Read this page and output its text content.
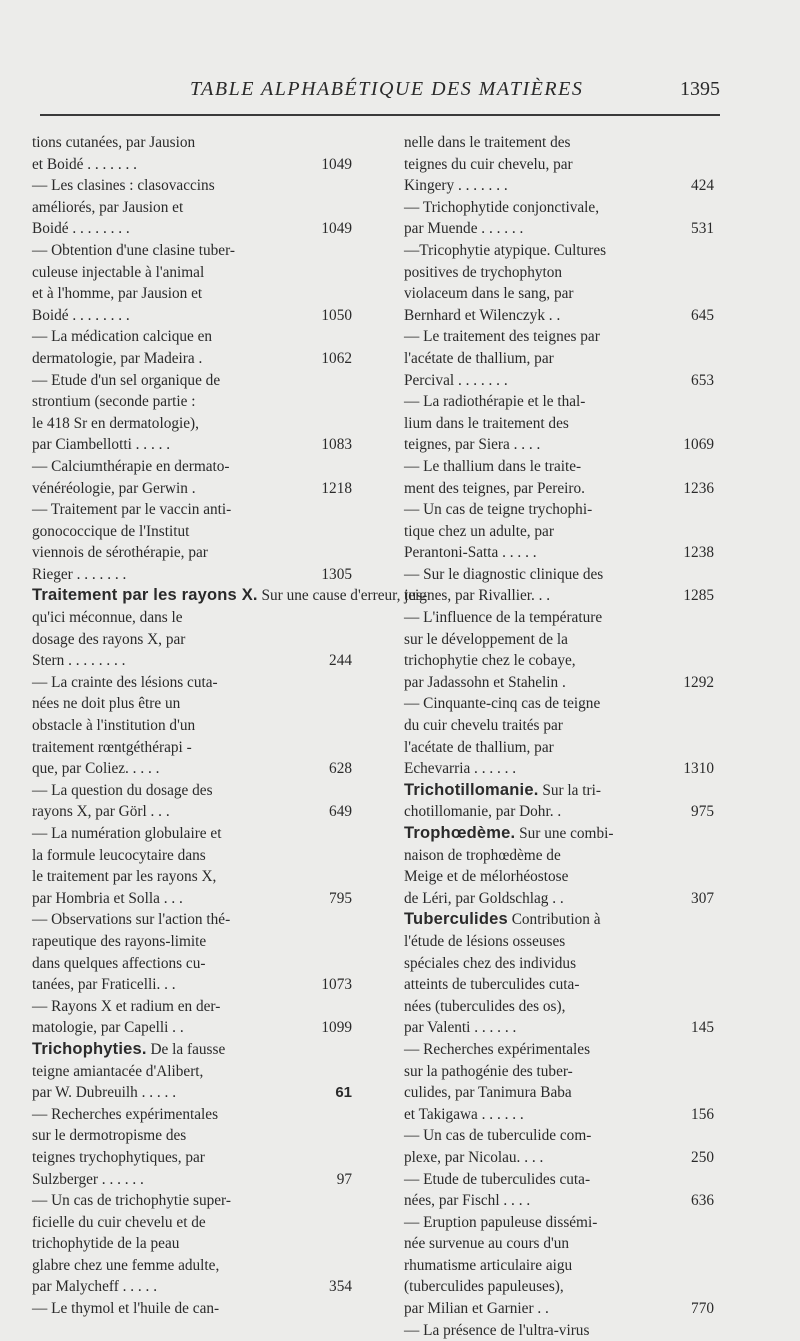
TABLE ALPHABÉTIQUE DES MATIÈRES	1395
tions cutanées, par Jausion
et Boidé . . . . . . .	1049
— Les clasines : clasovaccins
améliorés, par Jausion et
Boidé . . . . . . . .	1049
— Obtention d'une clasine tuber-
culeuse injectable à l'animal
et à l'homme, par Jausion et
Boidé . . . . . . . .	1050
— La médication calcique en
dermatologie, par Madeira .	1062
— Etude d'un sel organique de
strontium (seconde partie :
le 418 Sr en dermatologie),
par Ciambellotti . . . . .	1083
— Calciumthérapie en dermato-
vénéréologie, par Gerwin .	1218
— Traitement par le vaccin anti-
gonococcique de l'Institut
viennois de sérothérapie, par
Rieger . . . . . . .	1305
Traitement par les rayons X. Sur une cause d'erreur, jus-
qu'ici méconnue, dans le
dosage des rayons X, par
Stern . . . . . . . .	244
— La crainte des lésions cuta-
nées ne doit plus être un
obstacle à l'institution d'un
traitement rœntgéthérapi -
que, par Coliez. . . . .	628
— La question du dosage des
rayons X, par Görl . . .	649
— La numération globulaire et
la formule leucocytaire dans
le traitement par les rayons X,
par Hombria et Solla . . .	795
— Observations sur l'action thé-
rapeutique des rayons-limite
dans quelques affections cu-
tanées, par Fraticelli. . .	1073
— Rayons X et radium en der-
matologie, par Capelli . .	1099
Trichophyties. De la fausse
teigne amiantacée d'Alibert,
par W. Dubreuilh . . . . .	61
— Recherches expérimentales
sur le dermotropisme des
teignes trychophytiques, par
Sulzberger . . . . . .	97
— Un cas de trichophytie super-
ficielle du cuir chevelu et de
trichophytide de la peau
glabre chez une femme adulte,
par Malycheff . . . . .	354
— Le thymol et l'huile de can-
nelle dans le traitement des
teignes du cuir chevelu, par
Kingery . . . . . . .	424
— Trichophytide conjonctivale,
par Muende . . . . . .	531
—Tricophytie atypique. Cultures
positives de trychophyton
violaceum dans le sang, par
Bernhard et Wilenczyk . .	645
— Le traitement des teignes par
l'acétate de thallium, par
Percival . . . . . . .	653
— La radiothérapie et le thal-
lium dans le traitement des
teignes, par Siera . . . .	1069
— Le thallium dans le traite-
ment des teignes, par Pereiro.	1236
— Un cas de teigne trychophi-
tique chez un adulte, par
Perantoni-Satta . . . . .	1238
— Sur le diagnostic clinique des
teignes, par Rivallier. . .	1285
— L'influence de la température
sur le développement de la
trichophytie chez le cobaye,
par Jadassohn et Stahelin .	1292
— Cinquante-cinq cas de teigne
du cuir chevelu traités par
l'acétate de thallium, par
Echevarria . . . . . .	1310
Trichotillomanie. Sur la tri-
chotillomanie, par Dohr. .	975
Trophœdème. Sur une combi-
naison de trophœdème de
Meige et de mélorhéostose
de Léri, par Goldschlag . .	307
Tuberculides Contribution à
l'étude de lésions osseuses
spéciales chez des individus
atteints de tuberculides cuta-
nées (tuberculides des os),
par Valenti . . . . . .	145
— Recherches expérimentales
sur la pathogénie des tuber-
culides, par Tanimura Baba
et Takigawa . . . . . .	156
— Un cas de tuberculide com-
plexe, par Nicolau. . . .	250
— Etude de tuberculides cuta-
nées, par Fischl . . . .	636
— Eruption papuleuse dissémi-
née survenue au cours d'un
rhumatisme articulaire aigu
(tuberculides papuleuses),
par Milian et Garnier . .	770
— La présence de l'ultra-virus
